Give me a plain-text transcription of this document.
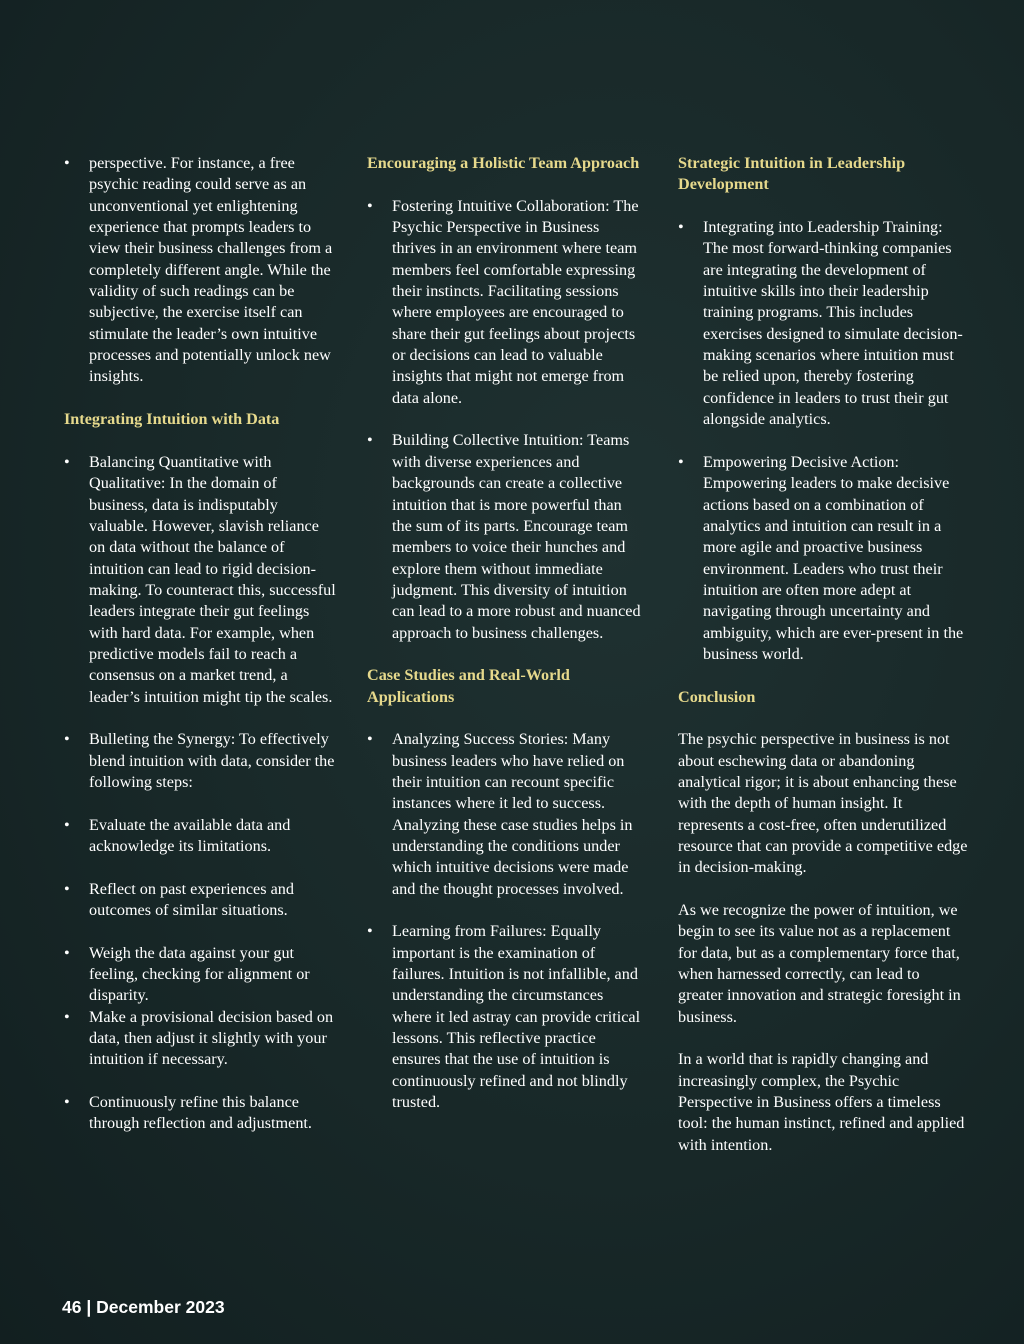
• perspective. For instance, a free psychic reading could serve as an unconventional yet enlightening experience that prompts leaders to view their business challenges from a completely different angle. While the validity of such readings can be subjective, the exercise itself can stimulate the leader’s own intuitive processes and potentially unlock new insights.
Integrating Intuition with Data
• Balancing Quantitative with Qualitative: In the domain of business, data is indisputably valuable. However, slavish reliance on data without the balance of intuition can lead to rigid decision-making. To counteract this, successful leaders integrate their gut feelings with hard data. For example, when predictive models fail to reach a consensus on a market trend, a leader’s intuition might tip the scales.
• Bulleting the Synergy: To effectively blend intuition with data, consider the following steps:
• Evaluate the available data and acknowledge its limitations.
• Reflect on past experiences and outcomes of similar situations.
• Weigh the data against your gut feeling, checking for alignment or disparity.
• Make a provisional decision based on data, then adjust it slightly with your intuition if necessary.
• Continuously refine this balance through reflection and adjustment.
Encouraging a Holistic Team Approach
• Fostering Intuitive Collaboration: The Psychic Perspective in Business thrives in an environment where team members feel comfortable expressing their instincts. Facilitating sessions where employees are encouraged to share their gut feelings about projects or decisions can lead to valuable insights that might not emerge from data alone.
• Building Collective Intuition: Teams with diverse experiences and backgrounds can create a collective intuition that is more powerful than the sum of its parts. Encourage team members to voice their hunches and explore them without immediate judgment. This diversity of intuition can lead to a more robust and nuanced approach to business challenges.
Case Studies and Real-World Applications
• Analyzing Success Stories: Many business leaders who have relied on their intuition can recount specific instances where it led to success. Analyzing these case studies helps in understanding the conditions under which intuitive decisions were made and the thought processes involved.
• Learning from Failures: Equally important is the examination of failures. Intuition is not infallible, and understanding the circumstances where it led astray can provide critical lessons. This reflective practice ensures that the use of intuition is continuously refined and not blindly trusted.
Strategic Intuition in Leadership Development
• Integrating into Leadership Training: The most forward-thinking companies are integrating the development of intuitive skills into their leadership training programs. This includes exercises designed to simulate decision-making scenarios where intuition must be relied upon, thereby fostering confidence in leaders to trust their gut alongside analytics.
• Empowering Decisive Action: Empowering leaders to make decisive actions based on a combination of analytics and intuition can result in a more agile and proactive business environment. Leaders who trust their intuition are often more adept at navigating through uncertainty and ambiguity, which are ever-present in the business world.
Conclusion
The psychic perspective in business is not about eschewing data or abandoning analytical rigor; it is about enhancing these with the depth of human insight. It represents a cost-free, often underutilized resource that can provide a competitive edge in decision-making.
As we recognize the power of intuition, we begin to see its value not as a replacement for data, but as a complementary force that, when harnessed correctly, can lead to greater innovation and strategic foresight in business.
In a world that is rapidly changing and increasingly complex, the Psychic Perspective in Business offers a timeless tool: the human instinct, refined and applied with intention.
46 | December 2023
